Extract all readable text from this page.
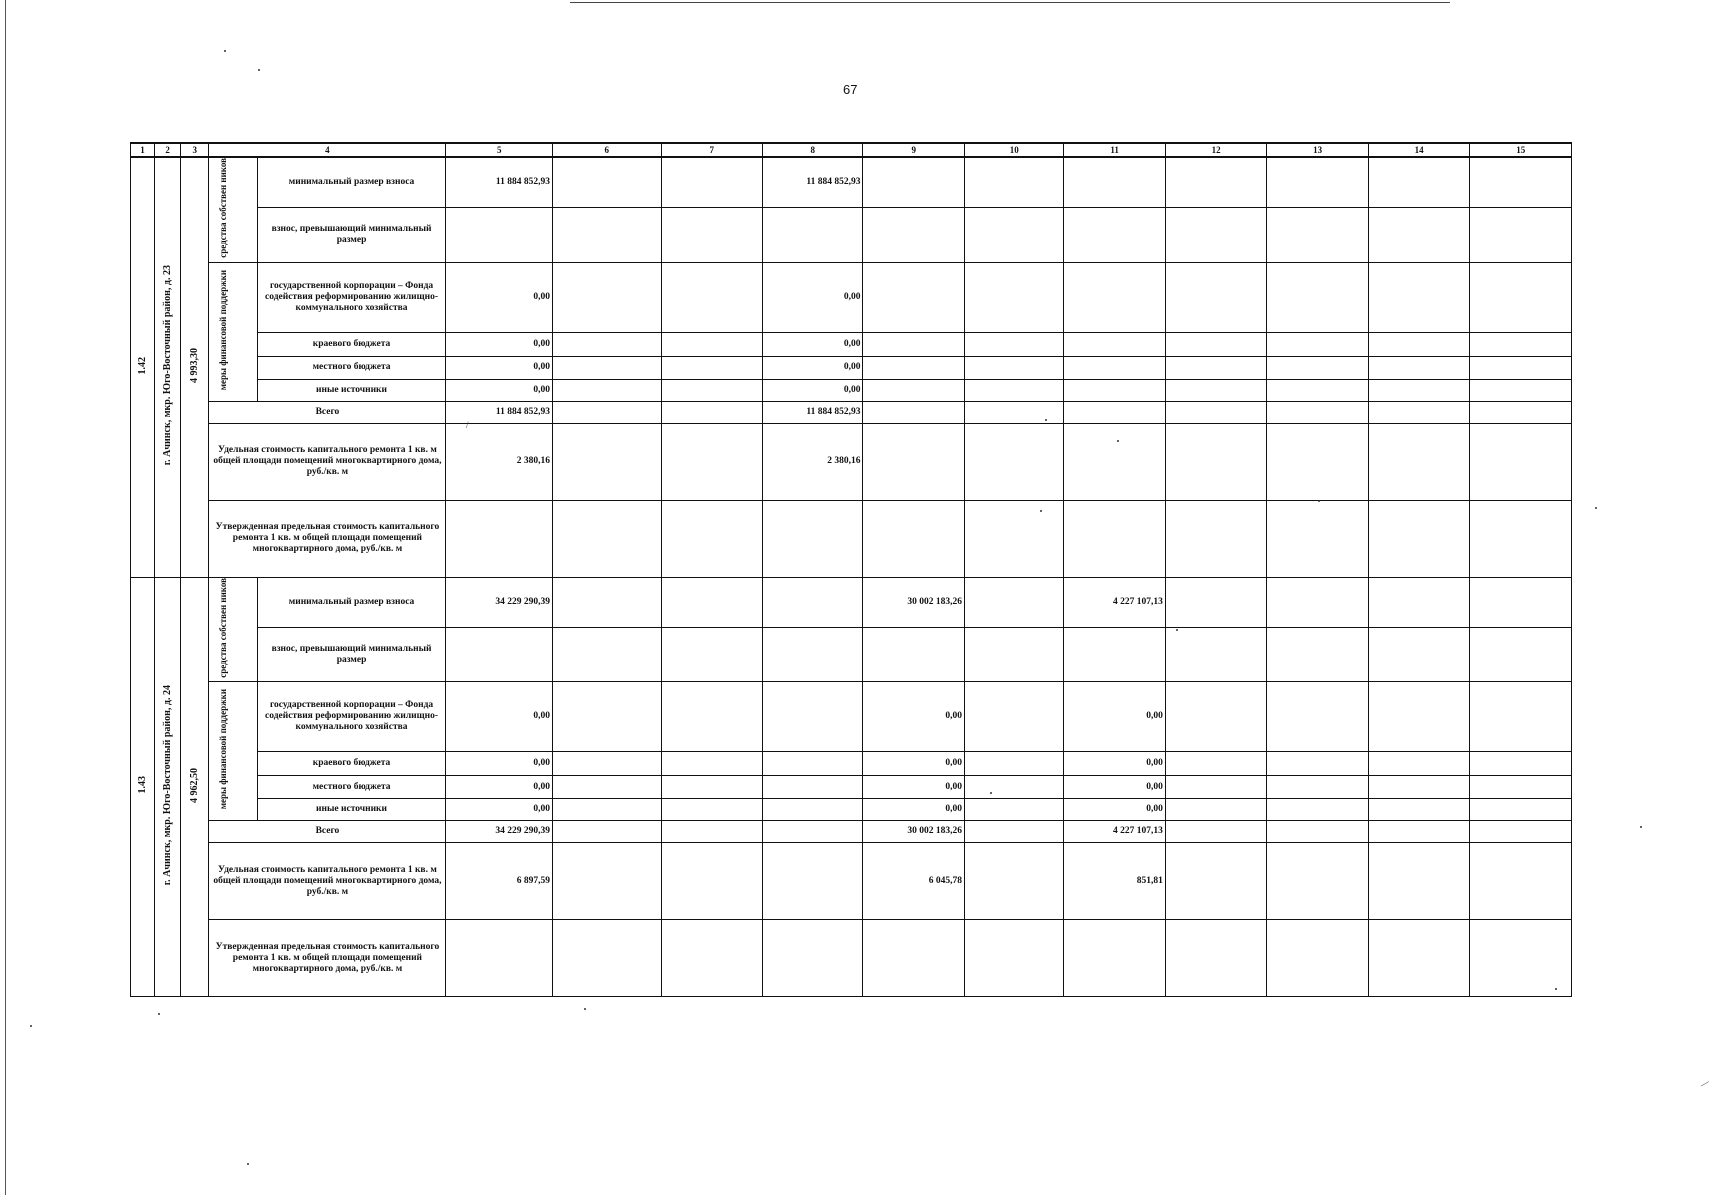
67
1	2	3	4		5	6	7	8	9	10	11	12	13	14	15
1.42	г. Ачинск, мкр. Юго-Восточный район, д. 23	4 993,30	средства собствен ников	минимальный размер взноса	11 884 852,93			11 884 852,93							
				взнос, превышающий минимальный размер											
			меры финансовой поддержки	государственной корпорации – Фонда содействия реформированию жилищно-коммунального хозяйства	0,00			0,00							
				краевого бюджета	0,00			0,00							
				местного бюджета	0,00			0,00							
				иные источники	0,00			0,00							
			Всего		11 884 852,93			11 884 852,93							
			Удельная стоимость капитального ремонта 1 кв. м общей площади помещений многоквартирного дома, руб./кв. м		2 380,16			2 380,16							
			Утвержденная предельная стоимость капитального ремонта 1 кв. м общей площади помещений многоквартирного дома, руб./кв. м												
1.43	г. Ачинск, мкр. Юго-Восточный район, д. 24	4 962,50	средства собствен ников	минимальный размер взноса	34 229 290,39				30 002 183,26		4 227 107,13				
				взнос, превышающий минимальный размер											
			меры финансовой поддержки	государственной корпорации – Фонда содействия реформированию жилищно-коммунального хозяйства	0,00				0,00		0,00				
				краевого бюджета	0,00				0,00		0,00				
				местного бюджета	0,00				0,00		0,00				
				иные источники	0,00				0,00		0,00				
			Всего		34 229 290,39				30 002 183,26		4 227 107,13				
			Удельная стоимость капитального ремонта 1 кв. м общей площади помещений многоквартирного дома, руб./кв. м		6 897,59				6 045,78		851,81				
			Утвержденная предельная стоимость капитального ремонта 1 кв. м общей площади помещений многоквартирного дома, руб./кв. м												
/
—
